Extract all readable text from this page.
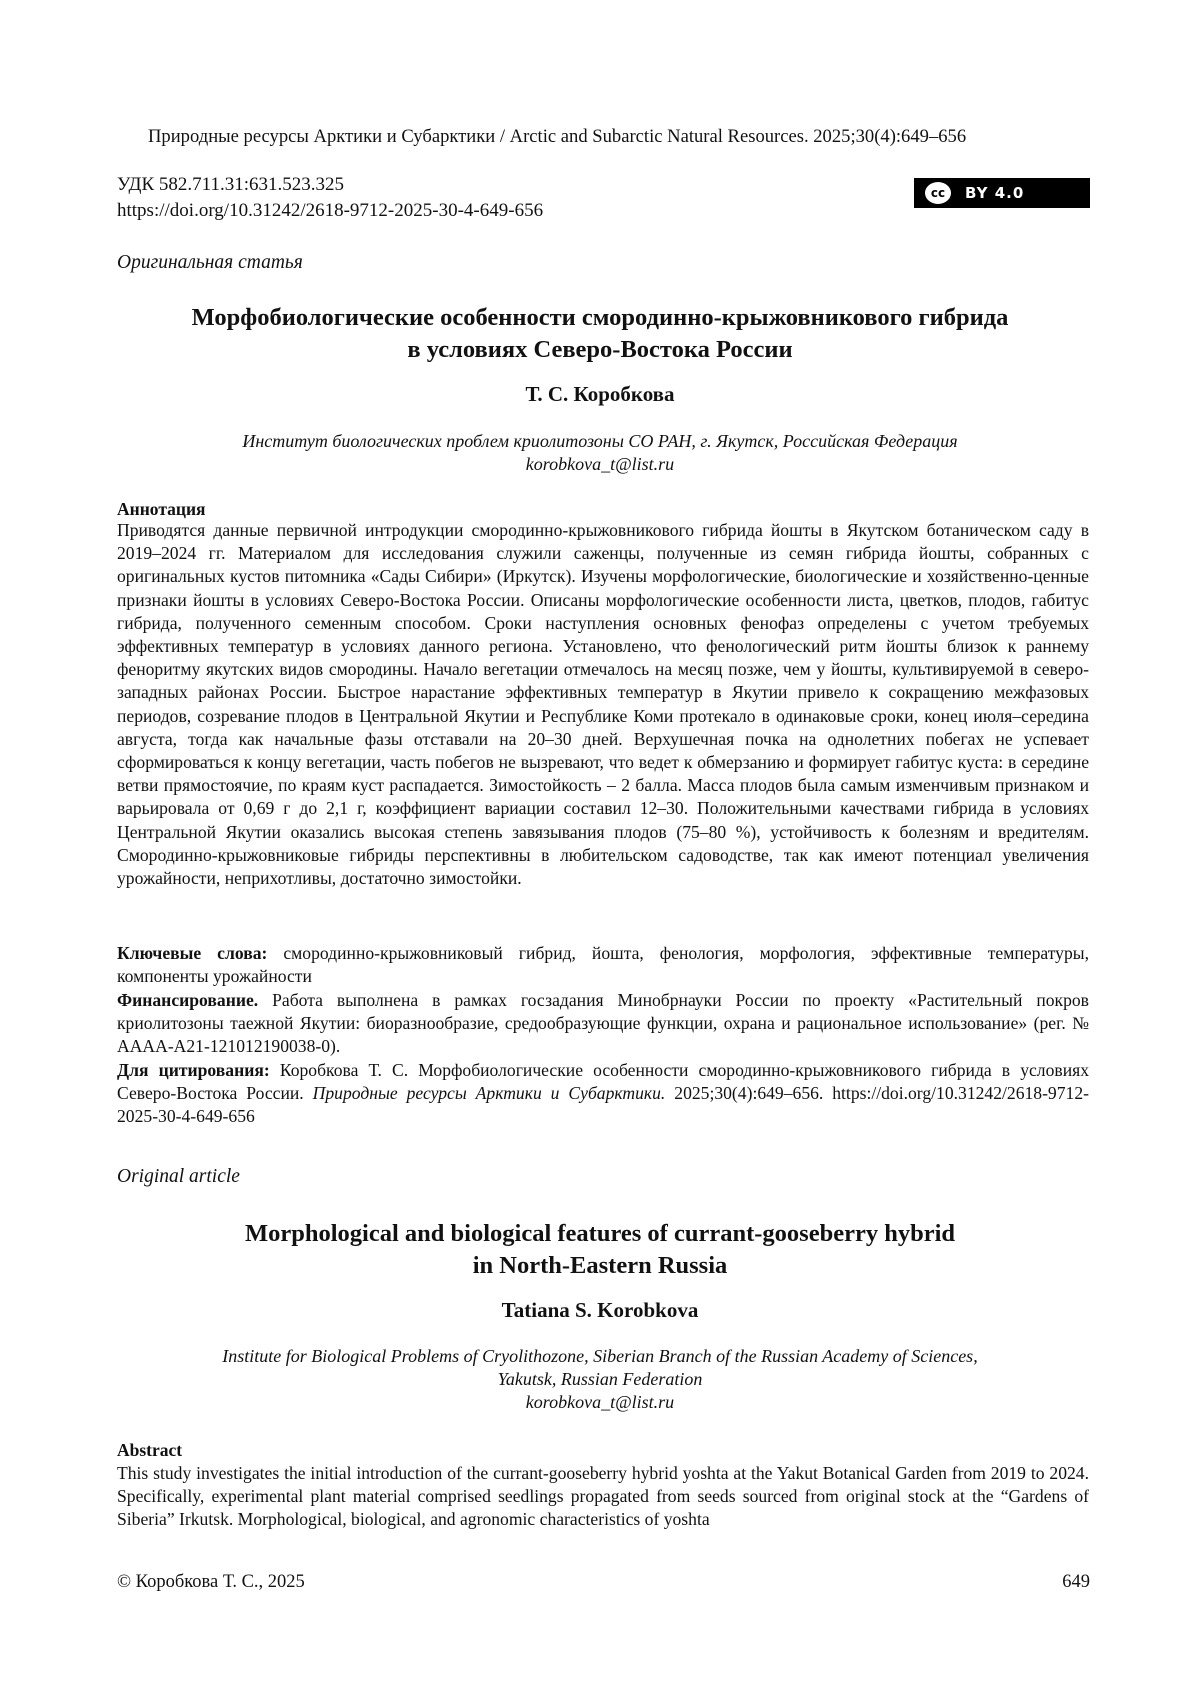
Природные ресурсы Арктики и Субарктики / Arctic and Subarctic Natural Resources. 2025;30(4):649–656
УДК 582.711.31:631.523.325
https://doi.org/10.31242/2618-9712-2025-30-4-649-656
cc	BY 4.0
Оригинальная статья
Морфобиологические особенности смородинно-крыжовникового гибрида
в условиях Северо-Востока России
Т. С. Коробкова
Институт биологических проблем криолитозоны СО РАН, г. Якутск, Российская Федерация
korobkova_t@list.ru
Аннотация
Приводятся данные первичной интродукции смородинно-крыжовникового гибрида йошты в Якутском ботаническом саду в 2019–2024 гг. Материалом для исследования служили саженцы, полученные из семян гибрида йошты, собранных с оригинальных кустов питомника «Сады Сибири» (Иркутск). Изучены морфологические, биологические и хозяйственно-ценные признаки йошты в условиях Северо-Востока России. Описаны морфологические особенности листа, цветков, плодов, габитус гибрида, полученного семенным способом. Сроки наступления основных фенофаз определены с учетом требуемых эффективных температур в условиях данного региона. Установлено, что фенологический ритм йошты близок к раннему феноритму якутских видов смородины. Начало вегетации отмечалось на месяц позже, чем у йошты, культивируемой в северо-западных районах России. Быстрое нарастание эффективных температур в Якутии привело к сокращению межфазовых периодов, созревание плодов в Центральной Якутии и Республике Коми протекало в одинаковые сроки, конец июля–середина августа, тогда как начальные фазы отставали на 20–30 дней. Верхушечная почка на однолетних побегах не успевает сформироваться к концу вегетации, часть побегов не вызревают, что ведет к обмерзанию и формирует габитус куста: в середине ветви прямостоячие, по краям куст распадается. Зимостойкость – 2 балла. Масса плодов была самым изменчивым признаком и варьировала от 0,69 г до 2,1 г, коэффициент вариации составил 12–30. Положительными качествами гибрида в условиях Центральной Якутии оказались высокая степень завязывания плодов (75–80 %), устойчивость к болезням и вредителям. Смородинно-крыжовниковые гибриды перспективны в любительском садоводстве, так как имеют потенциал увеличения урожайности, неприхотливы, достаточно зимостойки.
Ключевые слова: смородинно-крыжовниковый гибрид, йошта, фенология, морфология, эффективные температуры, компоненты урожайности
Финансирование. Работа выполнена в рамках госзадания Минобрнауки России по проекту «Растительный покров криолитозоны таежной Якутии: биоразнообразие, средообразующие функции, охрана и рациональное использование» (рег. № АААА-А21-121012190038-0).
Для цитирования: Коробкова Т. С. Морфобиологические особенности смородинно-крыжовникового гибрида в условиях Северо-Востока России. Природные ресурсы Арктики и Субарктики. 2025;30(4):649–656. https://doi.org/10.31242/2618-9712-2025-30-4-649-656
Original article
Morphological and biological features of currant-gooseberry hybrid
in North-Eastern Russia
Tatiana S. Korobkova
Institute for Biological Problems of Cryolithozone, Siberian Branch of the Russian Academy of Sciences,
Yakutsk, Russian Federation
korobkova_t@list.ru
Abstract
This study investigates the initial introduction of the currant-gooseberry hybrid yoshta at the Yakut Botanical Garden from 2019 to 2024. Specifically, experimental plant material comprised seedlings propagated from seeds sourced from original stock at the “Gardens of Siberia” Irkutsk. Morphological, biological, and agronomic characteristics of yoshta
© Коробкова Т. С., 2025	649
